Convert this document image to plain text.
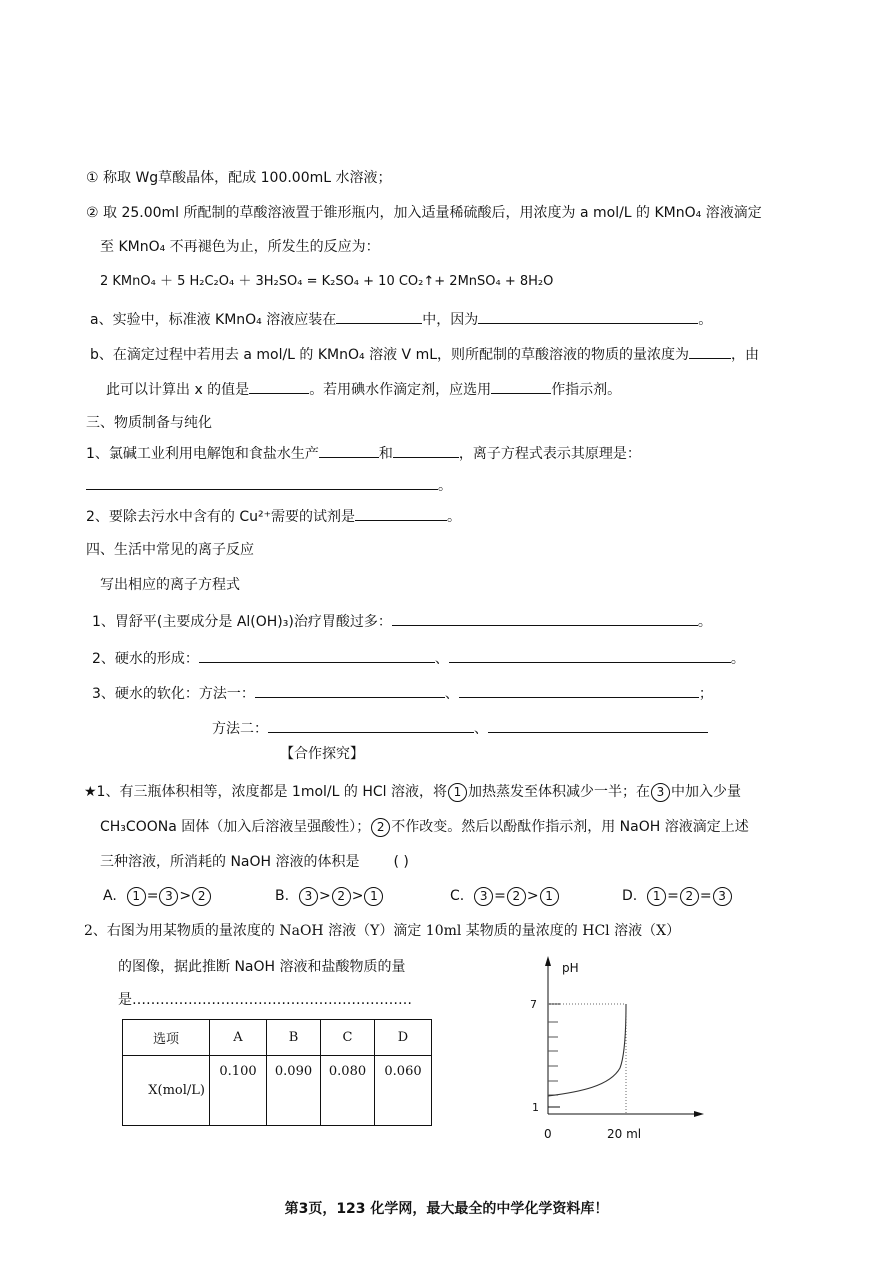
① 称取 Wg草酸晶体，配成 100.00mL 水溶液；
② 取 25.00ml 所配制的草酸溶液置于锥形瓶内，加入适量稀硫酸后，用浓度为 a mol/L 的 KMnO₄ 溶液滴定
至 KMnO₄ 不再褪色为止，所发生的反应为：
2 KMnO₄ ＋ 5 H₂C₂O₄ ＋ 3H₂SO₄ = K₂SO₄ + 10 CO₂↑+ 2MnSO₄ + 8H₂O
a、实验中，标准液 KMnO₄ 溶液应装在	中，因为	。
b、在滴定过程中若用去 a mol/L 的 KMnO₄ 溶液 V mL，则所配制的草酸溶液的物质的量浓度为	，由
此可以计算出 x 的值是	。若用碘水作滴定剂，应选用	作指示剂。
三、物质制备与纯化
1、氯碱工业利用电解饱和食盐水生产	和	，离子方程式表示其原理是：
。
2、要除去污水中含有的 Cu²⁺需要的试剂是	。
四、生活中常见的离子反应
写出相应的离子方程式
1、胃舒平(主要成分是 Al(OH)₃)治疗胃酸过多：	。
2、硬水的形成：	、	。
3、硬水的软化：方法一：	、	；
方法二：	、
【合作探究】
★1、有三瓶体积相等，浓度都是 1mol/L 的 HCl 溶液，将 1 加热蒸发至体积减少一半；在 3 中加入少量
CH₃COONa 固体（加入后溶液呈强酸性）； 2 不作改变。然后以酚酞作指示剂，用 NaOH 溶液滴定上述
三种溶液，所消耗的 NaOH 溶液的体积是 ( )
A. 1 = 3 > 2	B. 3 > 2 > 1	C. 3 = 2 > 1	D. 1 = 2 = 3
2、右图为用某物质的量浓度的 NaOH 溶液（Y）滴定 10ml 某物质的量浓度的 HCl 溶液（X）
的图像，据此推断 NaOH 溶液和盐酸物质的量
是……………………………………………………
选项	A	B	C	D
X(mol/L)	0.100	0.090	0.080	0.060
pH
7
1
0	20 ml
第3页，123 化学网，最大最全的中学化学资料库！
